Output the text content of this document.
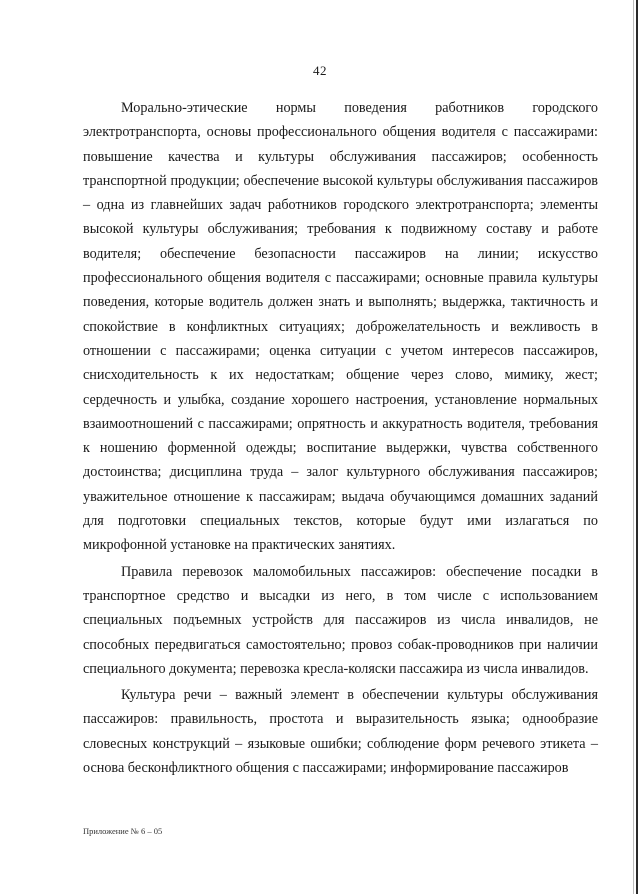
42

Морально-этические нормы поведения работников городского электротранспорта, основы профессионального общения водителя с пассажирами: повышение качества и культуры обслуживания пассажиров; особенность транспортной продукции; обеспечение высокой культуры обслуживания пассажиров – одна из главнейших задач работников городского электротранспорта; элементы высокой культуры обслуживания; требования к подвижному составу и работе водителя; обеспечение безопасности пассажиров на линии; искусство профессионального общения водителя с пассажирами; основные правила культуры поведения, которые водитель должен знать и выполнять; выдержка, тактичность и спокойствие в конфликтных ситуациях; доброжелательность и вежливость в отношении с пассажирами; оценка ситуации с учетом интересов пассажиров, снисходительность к их недостаткам; общение через слово, мимику, жест; сердечность и улыбка, создание хорошего настроения, установление нормальных взаимоотношений с пассажирами; опрятность и аккуратность водителя, требования к ношению форменной одежды; воспитание выдержки, чувства собственного достоинства; дисциплина труда – залог культурного обслуживания пассажиров; уважительное отношение к пассажирам; выдача обучающимся домашних заданий для подготовки специальных текстов, которые будут ими излагаться по микрофонной установке на практических занятиях.

Правила перевозок маломобильных пассажиров: обеспечение посадки в транспортное средство и высадки из него, в том числе с использованием специальных подъемных устройств для пассажиров из числа инвалидов, не способных передвигаться самостоятельно; провоз собак-проводников при наличии специального документа; перевозка кресла-коляски пассажира из числа инвалидов.

Культура речи – важный элемент в обеспечении культуры обслуживания пассажиров: правильность, простота и выразительность языка; однообразие словесных конструкций – языковые ошибки; соблюдение форм речевого этикета – основа бесконфликтного общения с пассажирами; информирование пассажиров

Приложение № 6 – 05
